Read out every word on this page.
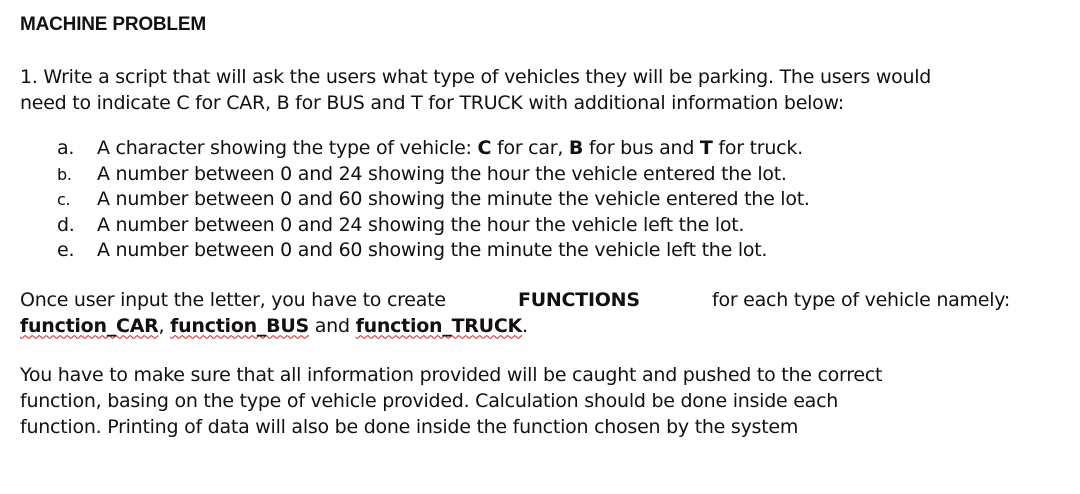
MACHINE PROBLEM

1. Write a script that will ask the users what type of vehicles they will be parking. The users would
need to indicate C for CAR, B for BUS and T for TRUCK with additional information below:

a.	A character showing the type of vehicle: C for car, B for bus and T for truck.
b.	A number between 0 and 24 showing the hour the vehicle entered the lot.
c.	A number between 0 and 60 showing the minute the vehicle entered the lot.
d.	A number between 0 and 24 showing the hour the vehicle left the lot.
e.	A number between 0 and 60 showing the minute the vehicle left the lot.

Once user input the letter, you have to create	FUNCTIONS	for each type of vehicle namely:
function_CAR, function_BUS and function_TRUCK.

You have to make sure that all information provided will be caught and pushed to the correct
function, basing on the type of vehicle provided. Calculation should be done inside each
function. Printing of data will also be done inside the function chosen by the system
